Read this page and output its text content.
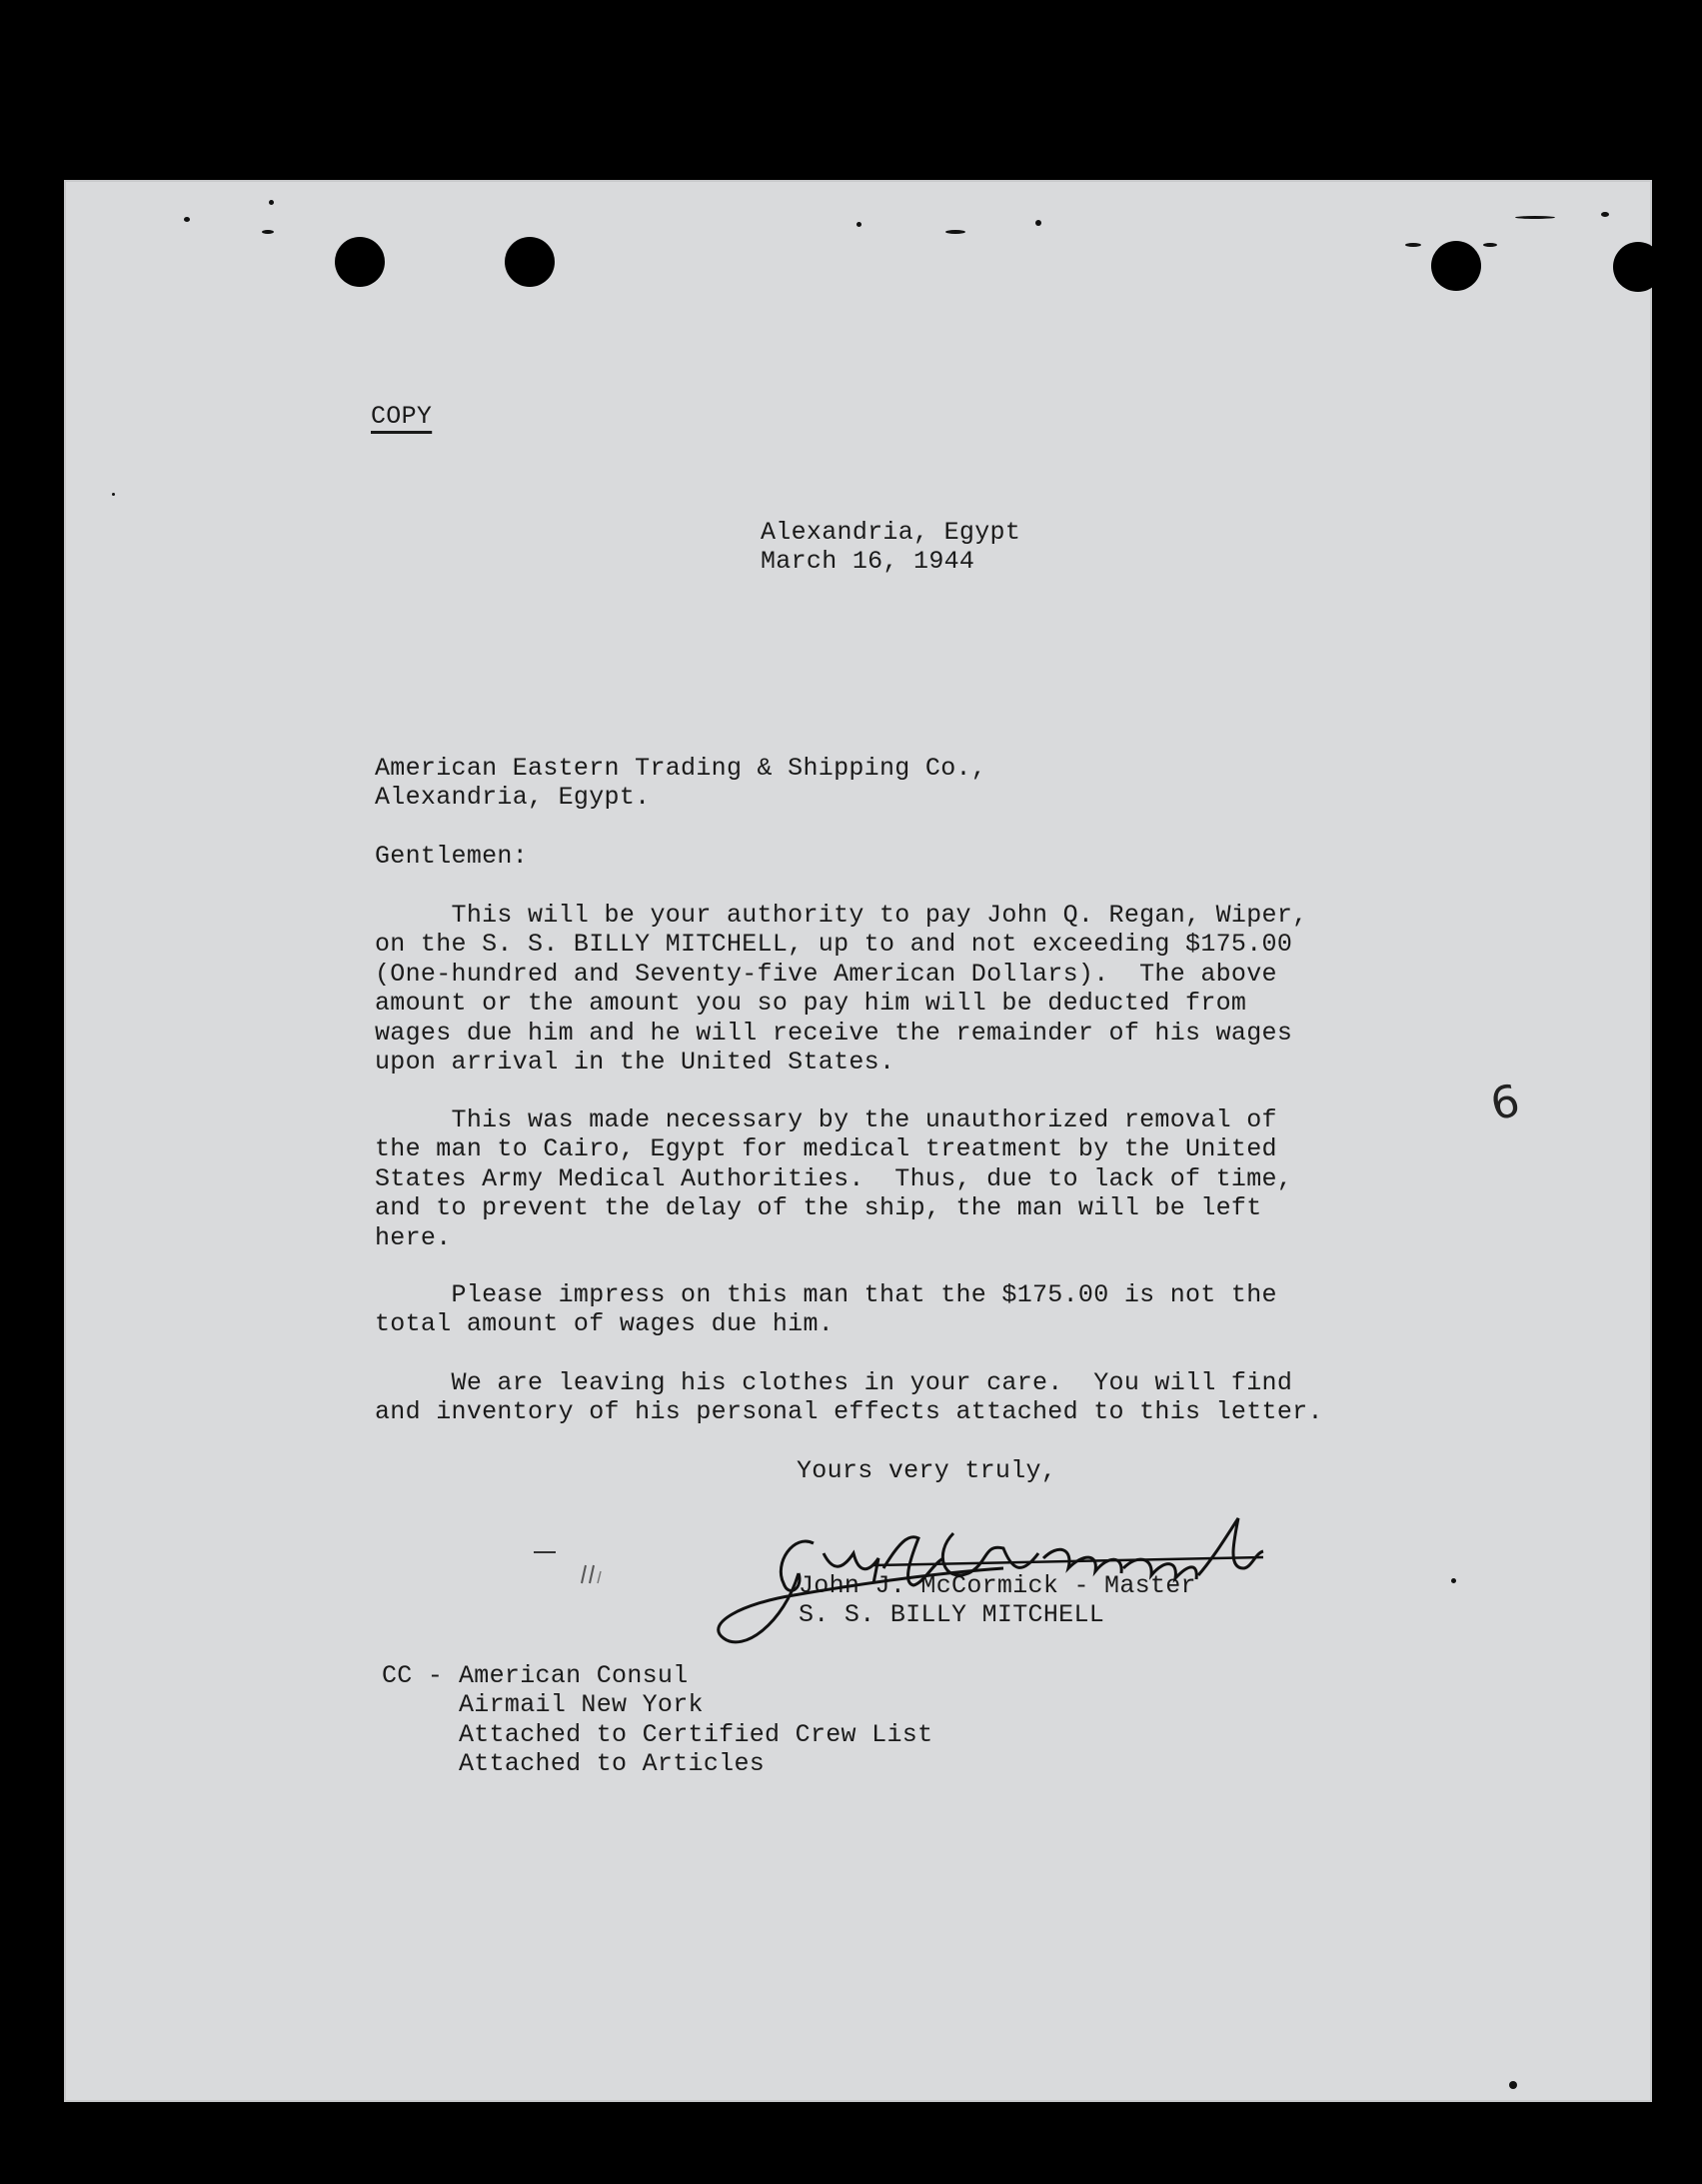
COPY
Alexandria, Egypt
March 16, 1944
American Eastern Trading & Shipping Co.,
Alexandria, Egypt.
Gentlemen:
This will be your authority to pay John Q. Regan, Wiper,
on the S. S. BILLY MITCHELL, up to and not exceeding $175.00
(One-hundred and Seventy-five American Dollars).  The above
amount or the amount you so pay him will be deducted from
wages due him and he will receive the remainder of his wages
upon arrival in the United States.
This was made necessary by the unauthorized removal of
the man to Cairo, Egypt for medical treatment by the United
States Army Medical Authorities.  Thus, due to lack of time,
and to prevent the delay of the ship, the man will be left
here.
Please impress on this man that the $175.00 is not the
total amount of wages due him.
We are leaving his clothes in your care.  You will find
and inventory of his personal effects attached to this letter.
Yours very truly,
John J. McCormick - Master
S. S. BILLY MITCHELL
CC - American Consul
Airmail New York
Attached to Certified Crew List
Attached to Articles
6
